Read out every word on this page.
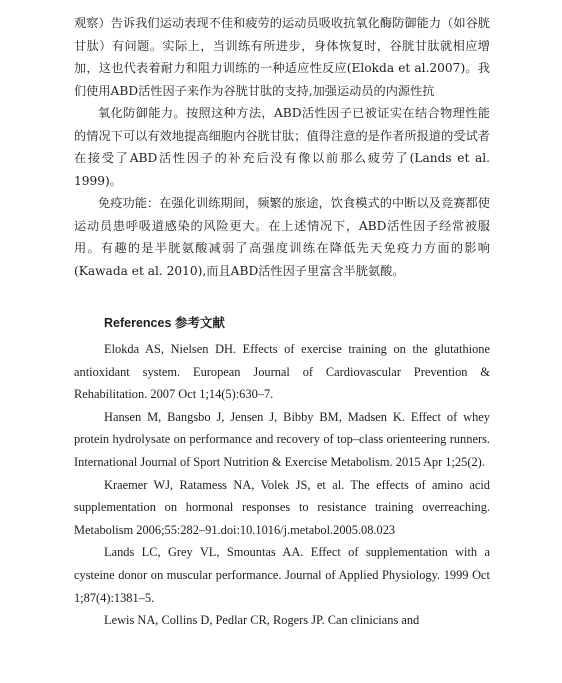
观察）告诉我们运动表现不佳和疲劳的运动员吸收抗氧化酶防御能力（如谷胱甘肽）有问题。实际上，当训练有所进步，身体恢复时，谷胱甘肽就相应增加，这也代表着耐力和阻力训练的一种适应性反应(Elokda et al.2007)。我们使用ABD活性因子来作为谷胱甘肽的支持,加强运动员的内源性抗

氧化防御能力。按照这种方法，ABD活性因子已被证实在结合物理性能的情况下可以有效地提高细胞内谷胱甘肽；值得注意的是作者所报道的受试者在接受了ABD活性因子的补充后没有像以前那么疲劳了(Lands et al. 1999)。

免疫功能：在强化训练期间，频繁的旅途，饮食模式的中断以及竞赛都使运动员患呼吸道感染的风险更大。在上述情况下，ABD活性因子经常被服用。有趣的是半胱氨酸减弱了高强度训练在降低先天免疫力方面的影响 (Kawada et al. 2010),而且ABD活性因子里富含半胱氨酸。

References 参考文献

Elokda AS, Nielsen DH. Effects of exercise training on the glutathione antioxidant system. European Journal of Cardiovascular Prevention & Rehabilitation. 2007 Oct 1;14(5):630–7.

Hansen M, Bangsbo J, Jensen J, Bibby BM, Madsen K. Effect of whey protein hydrolysate on performance and recovery of top–class orienteering runners. International Journal of Sport Nutrition & Exercise Metabolism. 2015 Apr 1;25(2).

Kraemer WJ, Ratamess NA, Volek JS, et al. The effects of amino acid supplementation on hormonal responses to resistance training overreaching. Metabolism 2006;55:282–91.doi:10.1016/j.metabol.2005.08.023

Lands LC, Grey VL, Smountas AA. Effect of supplementation with a cysteine donor on muscular performance. Journal of Applied Physiology. 1999 Oct 1;87(4):1381–5.

Lewis NA, Collins D, Pedlar CR, Rogers JP. Can clinicians and
